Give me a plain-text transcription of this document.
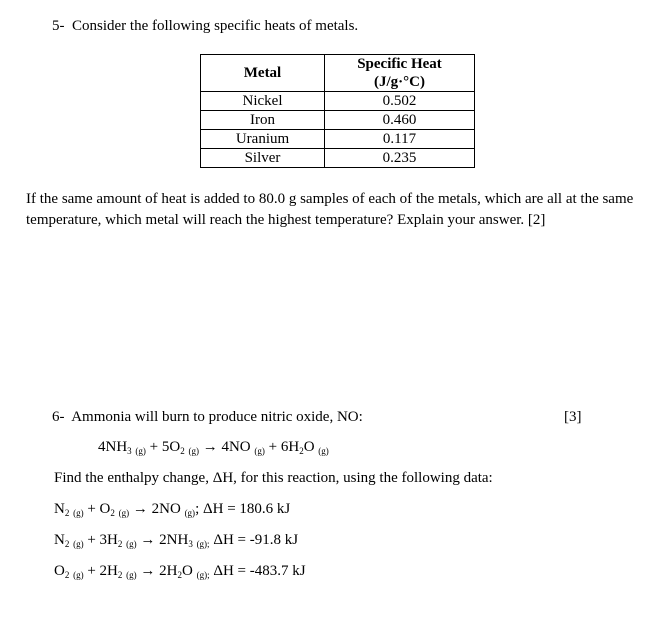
5- Consider the following specific heats of metals.
Metal	Specific Heat
(J/g·°C)
Nickel	0.502
Iron	0.460
Uranium	0.117
Silver	0.235
If the same amount of heat is added to 80.0 g samples of each of the metals, which are all at the same temperature, which metal will reach the highest temperature? Explain your answer. [2]
6- Ammonia will burn to produce nitric oxide, NO:	[3]
$4NH_3$ $_{(g)} + 5O_2$ $_{(g)}$ → 4NO $_{(g)} + 6H_2O$ $_{(g)}$
Find the enthalpy change, ΔH, for this reaction, using the following data:
$N_2$ $_{(g)} + O_2$ $_{(g)}$ → 2NO $_{(g)}$; ΔH = 180.6 kJ
$N_2$ $_{(g)} + 3H_2$ $_{(g)} \to 2NH_3$ $_{(g);}$ ΔH = -91.8 kJ
$O_2$ $_{(g)} + 2H_2$ $_{(g)} \to 2H_2O$ $_{(g);}$ ΔH = -483.7 kJ
